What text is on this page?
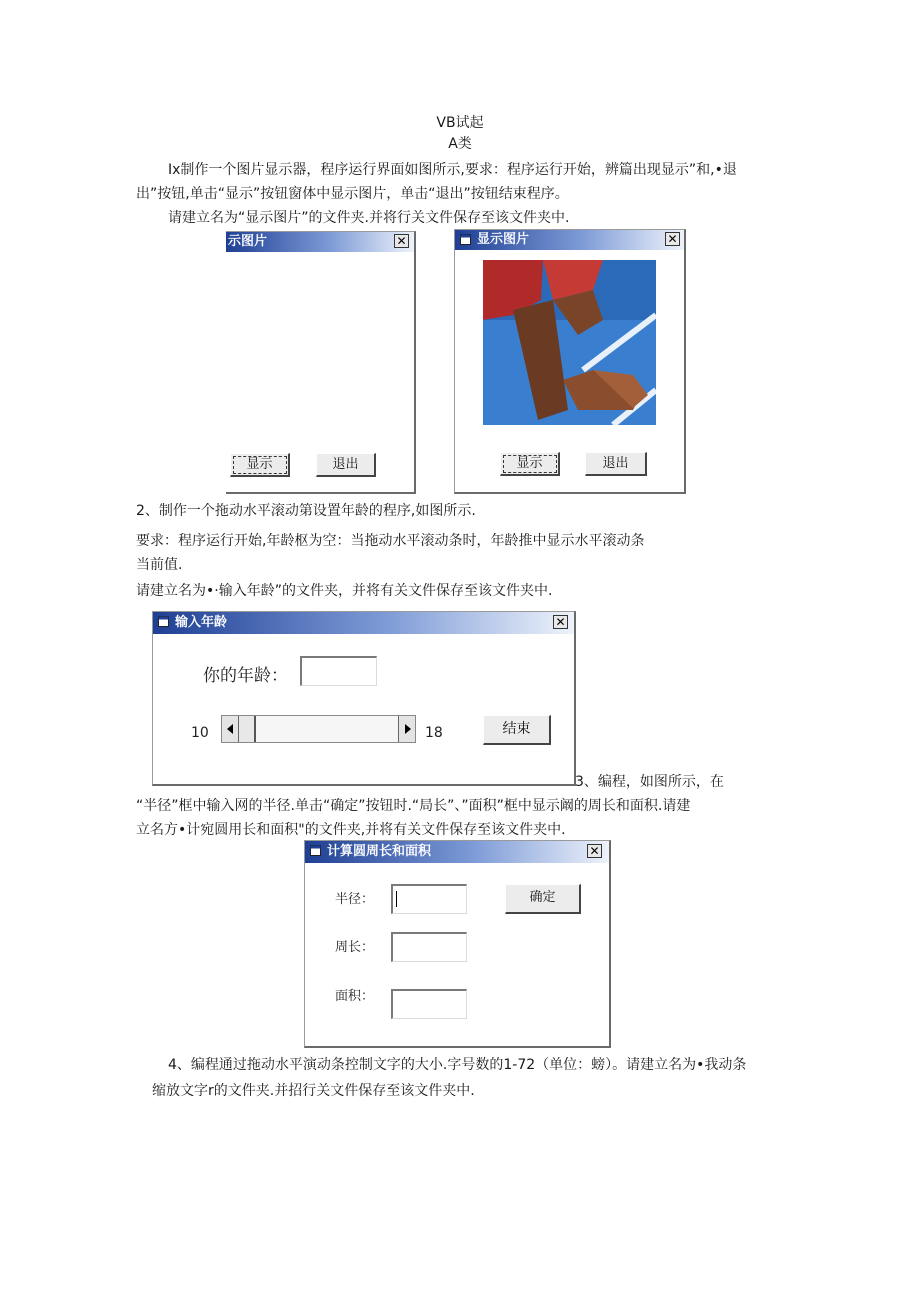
VB试起
A类
Ix制作一个图片显示器，程序运行界面如图所示,要求：程序运行开始，辨篇出现显示”和,•退
出”按钮,单击“显示”按钮窗体中显示图片，单击“退出”按钮结束程序。
请建立名为“显示图片”的文件夹.并将行关文件保存至该文件夹中.
示图片	✕
显示	退出
显示图片	✕
显示	退出
2、制作一个拖动水平滚动第设置年龄的程序,如图所示.
要求：程序运行开始,年龄枢为空：当拖动水平滚动条时，年龄推中显示水平滚动条
当前值.
请建立名为•·输入年龄”的文件夹，并将有关文件保存至该文件夹中.
输入年龄	✕
你的年龄：
10	18	结束
3、编程，如图所示，在
“半径”框中输入网的半径.单击“确定”按钮时.“局长”、”面积”框中显示阚的周长和面积.请建
立名方•计宛圆用长和面积"的文件夹,并将有关文件保存至该文件夹中.
计算圆周长和面积	✕
半径：	确定
周长：
面积：
4、编程通过拖动水平演动条控制文字的大小.字号数的1-72（单位：螃）。请建立名为•我动条
缩放文字r的文件夹.并招行关文件保存至该文件夹中.
